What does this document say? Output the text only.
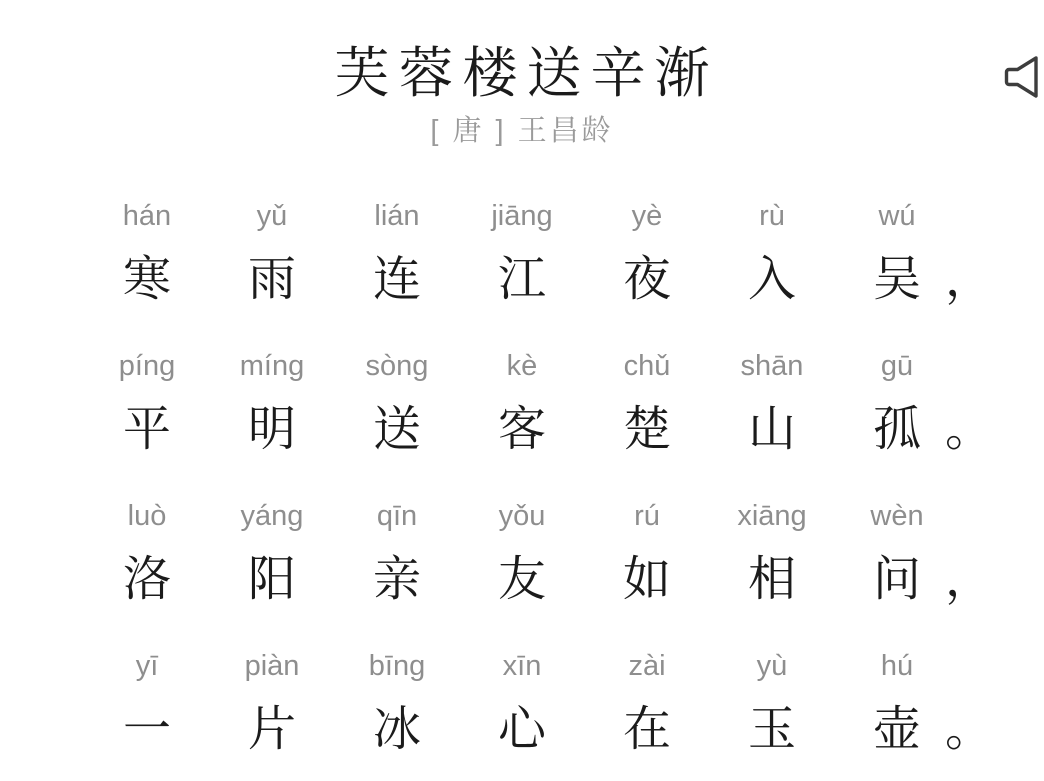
芙蓉楼送辛渐
[ 唐 ] 王昌龄
hán
寒
yǔ
雨
lián
连
jiāng
江
yè
夜
rù
入
wú
吴 ，
píng
平
míng
明
sòng
送
kè
客
chǔ
楚
shān
山
gū
孤 。
luò
洛
yáng
阳
qīn
亲
yǒu
友
rú
如
xiāng
相
wèn
问 ，
yī
一
piàn
片
bīng
冰
xīn
心
zài
在
yù
玉
hú
壶 。
